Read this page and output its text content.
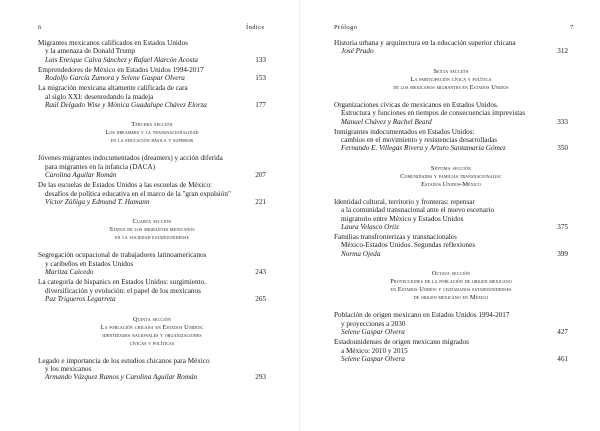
6	Índice
Migrantes mexicanos calificados en Estados Unidos
y la amenaza de Donald Trump
Luis Enrique Calva Sánchez y Rafael Alarcón Acosta	133
Emprendedores de México en Estados Unidos 1994-2017
Rodolfo García Zamora y Selene Gaspar Olvera	153
La migración mexicana altamente calificada de cara
al siglo XXI: desenredando la madeja
Raúl Delgado Wise y Mónica Guadalupe Chávez Elorza	177
Tercera sección
Los dreamers y la transnacionalidad
en la educación básica y superior
Jóvenes migrantes indocumentados (dreamers) y acción diferida
para migrantes en la infancia (DACA)
Carolina Aguilar Román	207
De las escuelas de Estados Unidos a las escuelas de México:
desafíos de política educativa en el marco de la "gran expulsión"
Víctor Zúñiga y Edmund T. Hamann	221
Cuarta sección
Status de los migrantes mexicanos
en la sociedad estadounidense
Segregación ocupacional de trabajadores latinoamericanos
y caribeños en Estados Unidos
Maritza Caicedo	243
La categoría de hispanics en Estados Unidos: surgimiento,
diversificación y evolución: el papel de los mexicanos
Paz Trigueros Legarreta	265
Quinta sección
La población chicana en Estados Unidos:
identidades nacionales y organizaciones
cívicas y políticas
Legado e importancia de los estudios chicanos para México
y los mexicanos
Armando Vázquez Ramos y Carolina Aguilar Román	293
Prólogo	7
Historia urbana y arquitectura en la educación superior chicana
José Prado	312
Sexta sección
La participación cívica y política
de los mexicanos migrantes en Estados Unidos
Organizaciones cívicas de mexicanos en Estados Unidos.
Estructura y funciones en tiempos de consecuencias imprevistas
Manuel Chávez y Rachel Beard	333
Inmigrantes indocumentados en Estados Unidos:
cambios en el movimiento y resistencias desarrolladas
Fernando E. Villegas Rivera y Arturo Santamaría Gómez	350
Séptima sección
Comunidades y familias transnacionales:
Estados Unidos-México
Identidad cultural, territorio y fronteras: repensar
a la comunidad transnacional ante el nuevo escenario
migratorio entre México y Estados Unidos
Laura Velasco Ortiz	375
Familias transfronterizas y transnacionales
México-Estados Unidos. Segundas reflexiones
Norma Ojeda	399
Octava sección
Proyecciones de la población de origen mexicano
en Estados Unidos y ciudadanos estadounidenses
de origen mexicano en México
Población de origen mexicano en Estados Unidos 1994-2017
y proyecciones a 2030
Selene Gaspar Olvera	427
Estadounidenses de origen mexicano migrados
a México: 2010 y 2015
Selene Gaspar Olvera	461
